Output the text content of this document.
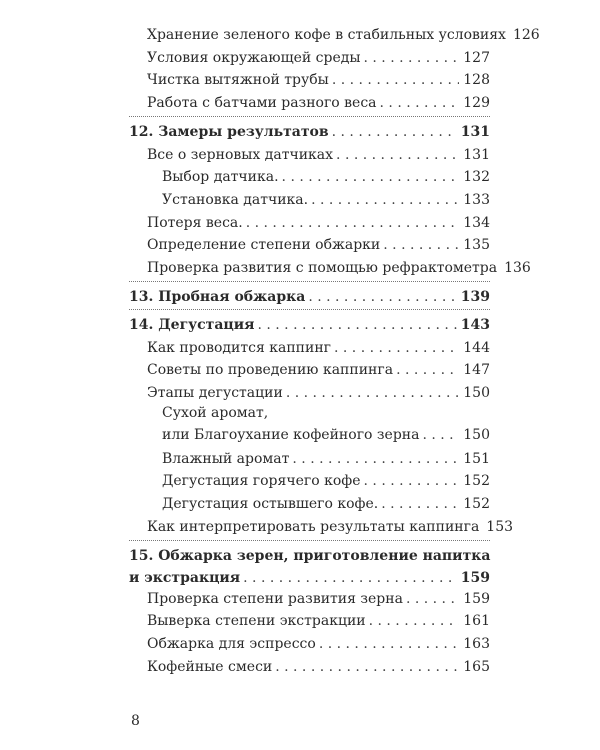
Хранение зеленого кофе в стабильных условиях 126
Условия окружающей среды . . .	127
Чистка вытяжной трубы . . .	128
Работа с батчами разного веса . . .	129
12. Замеры результатов . . .	131
Все о зерновых датчиках . . .	131
Выбор датчика. . . .	132
Установка датчика. . . .	133
Потеря веса. . . .	134
Определение степени обжарки . . .	135
Проверка развития с помощью рефрактометра 136
13. Пробная обжарка . . .	139
14. Дегустация . . .	143
Как проводится каппинг . . .	144
Советы по проведению каппинга . . .	147
Этапы дегустации . . .	150
Сухой аромат,
или Благоухание кофейного зерна . . .	150
Влажный аромат . . .	151
Дегустация горячего кофе . . .	152
Дегустация остывшего кофе. . . .	152
Как интерпретировать результаты каппинга 153
15. Обжарка зерен, приготовление напитка
и экстракция . . .	159
Проверка степени развития зерна . . .	159
Выверка степени экстракции . . .	161
Обжарка для эспрессо . . .	163
Кофейные смеси . . .	165
8
